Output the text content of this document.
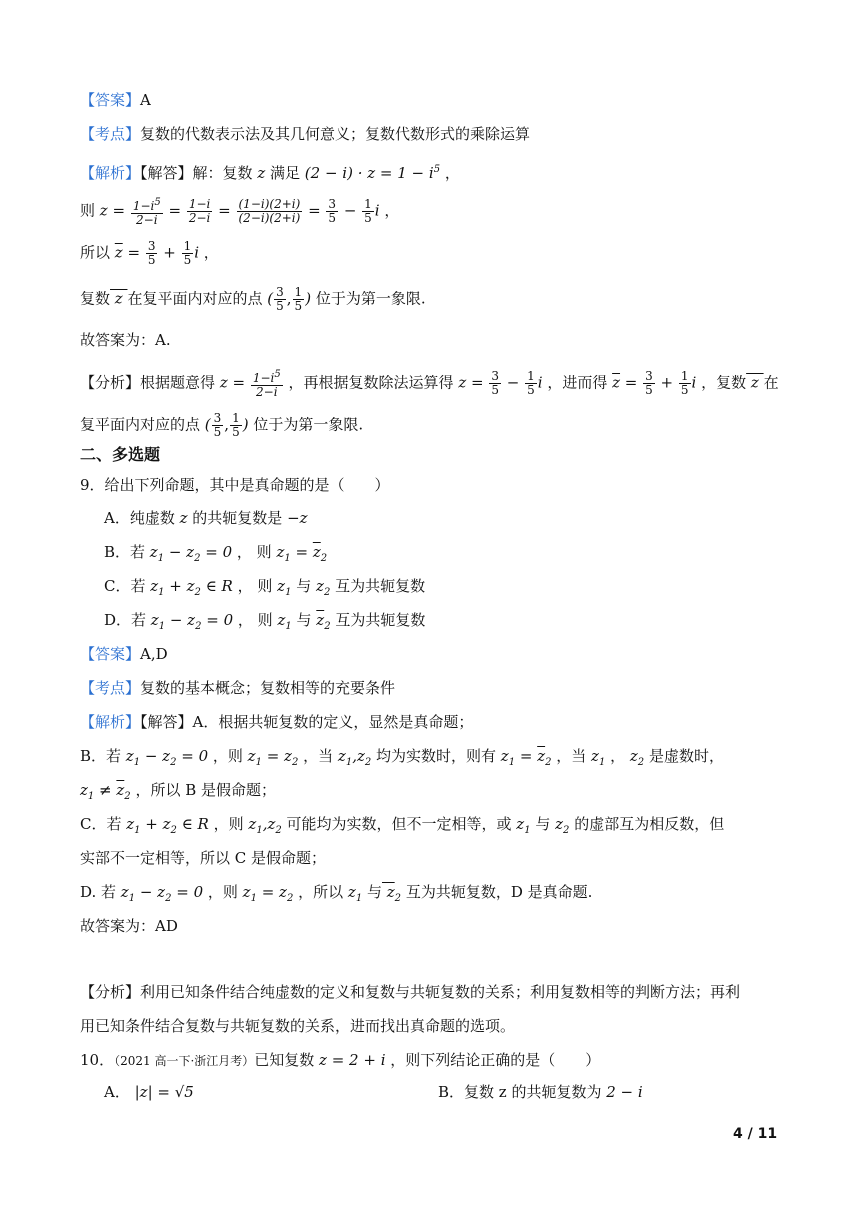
【答案】A
【考点】复数的代数表示法及其几何意义；复数代数形式的乘除运算
【解析】【解答】解：复数 z 满足 $(2 - i) \cdot z = 1 - i^5$ ，
则 $z = \frac{1-i^5}{2-i} = \frac{1-i}{2-i} = \frac{(1-i)(2+i)}{(2-i)(2+i)} = \frac{3}{5} - \frac{1}{5}$ i ，
所以 $z = \frac{3}{5} + \frac{1}{5}$ i ，
复数 z 在复平面内对应的点 ( $\frac{3}{5}$ , $\frac{1}{5}$ ) 位于为第一象限.
故答案为：A.
【分析】根据题意得 $z = \frac{1-i^5}{2-i}$ ，再根据复数除法运算得 $z = \frac{3}{5} - \frac{1}{5}$ i ，进而得 $z = \frac{3}{5} + \frac{1}{5}$ i ，复数 z 在
复平面内对应的点 ( $\frac{3}{5}$ , $\frac{1}{5}$ ) 位于为第一象限.
二、多选题
9．给出下列命题，其中是真命题的是（　　）
A．纯虚数 z 的共轭复数是 −z
B．若 $z_1 - z_2 = 0$ ， 则 $z_1 = \overline{z}_2$
C．若 $z_1 + z_2$ ∈ R ， 则 $z_1$ 与 $z_2$ 互为共轭复数
D．若 $z_1 - z_2 = 0$ ， 则 $z_1$ 与 $\overline{z}_2$ 互为共轭复数
【答案】A,D
【考点】复数的基本概念；复数相等的充要条件
【解析】【解答】A．根据共轭复数的定义，显然是真命题；
B．若 $z_1 - z_2 = 0$ ，则 $z_1 = z_2$ ，当 $z_1,z_2$ 均为实数时，则有 $z_1 = \overline{z}_2$ ，当 $z_1$ ， $z_2$ 是虚数时，
$z_1 \ne \overline{z}_2$ ，所以 B 是假命题；
C．若 $z_1 + z_2$ ∈ R ，则 $z_1,z_2$ 可能均为实数，但不一定相等，或 $z_1$ 与 $z_2$ 的虚部互为相反数，但
实部不一定相等，所以 C 是假命题；
D. 若 $z_1 - z_2 = 0$ ，则 $z_1 = z_2$ ，所以 $z_1$ 与 $z_2$ 互为共轭复数，D 是真命题.
故答案为：AD
【分析】利用已知条件结合纯虚数的定义和复数与共轭复数的关系；利用复数相等的判断方法；再利
用已知条件结合复数与共轭复数的关系，进而找出真命题的选项。
10．（2021 高一下·浙江月考）已知复数 z = 2 + i ，则下列结论正确的是（　　）
A． |z| = √5	B．复数 z 的共轭复数为 2 − i
4 / 11
